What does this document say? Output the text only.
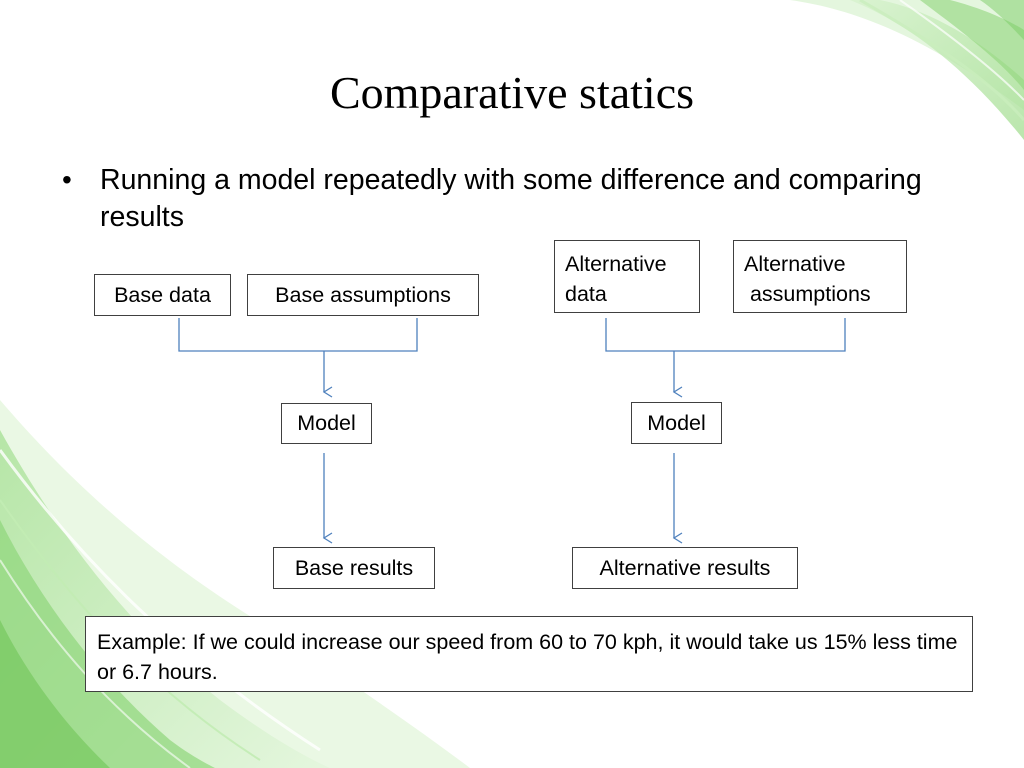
Comparative statics
• Running a model repeatedly with some difference and comparing results
Base data	Base assumptions
Model
Base results
Alternative
data
Alternative
assumptions
Model
Alternative results
Example: If we could increase our speed from 60 to 70 kph, it would take us 15% less time or 6.7 hours.
